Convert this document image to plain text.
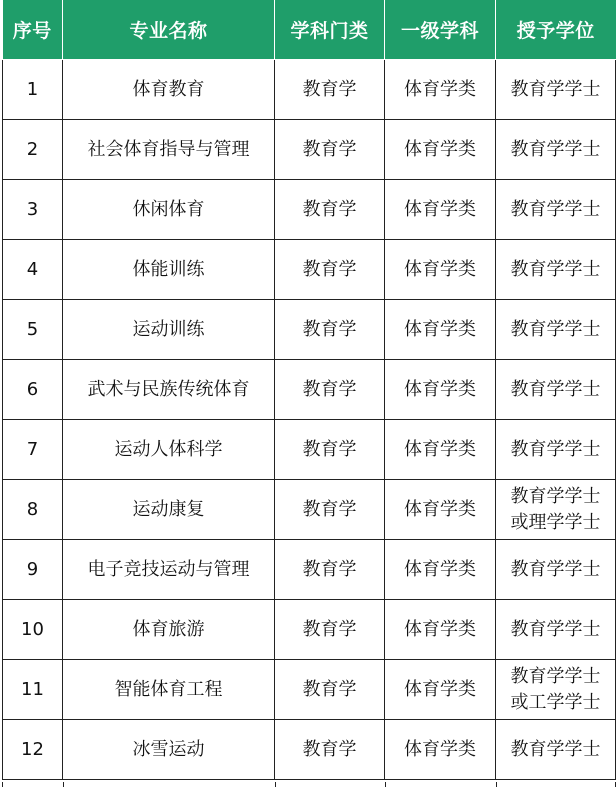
序号	专业名称	学科门类	一级学科	授予学位
1	体育教育	教育学	体育学类	教育学学士

2	社会体育指导与管理	教育学	体育学类	教育学学士

3	休闲体育	教育学	体育学类	教育学学士

4	体能训练	教育学	体育学类	教育学学士

5	运动训练	教育学	体育学类	教育学学士

6	武术与民族传统体育	教育学	体育学类	教育学学士

7	运动人体科学	教育学	体育学类	教育学学士

8	运动康复	教育学	体育学类	教育学学士
或理学学士

9	电子竞技运动与管理	教育学	体育学类	教育学学士

10	体育旅游	教育学	体育学类	教育学学士

11	智能体育工程	教育学	体育学类	教育学学士
或工学学士

12	冰雪运动	教育学	体育学类	教育学学士
